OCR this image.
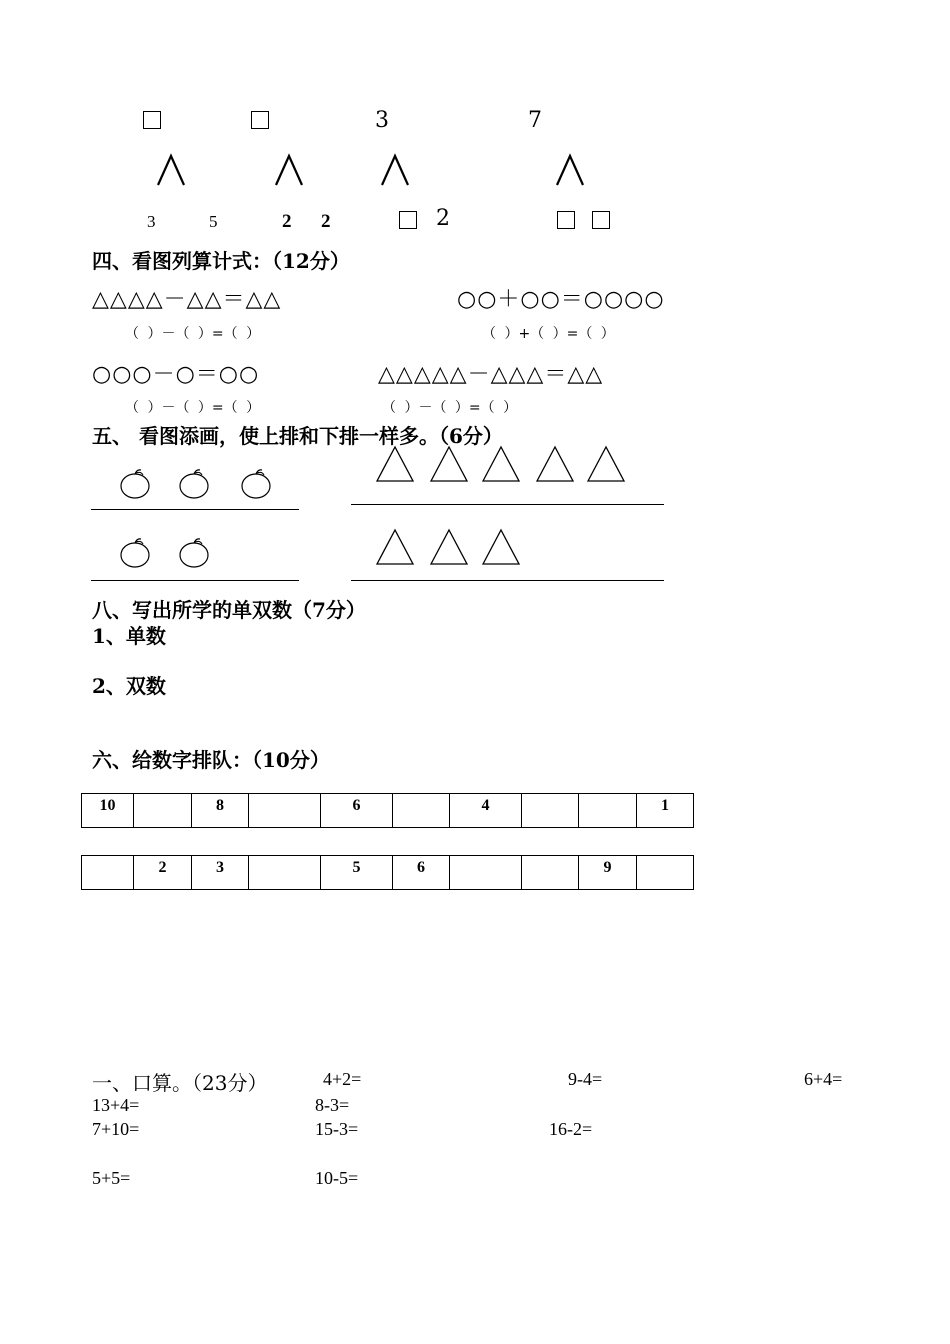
3	7
3	5	2 2	2
四、看图列算计式：（12分）
△△△△－△△＝△△	○○＋○○＝○○○○
（ ）－（ ）=（ ）	（ ）+（ ）=（ ）
○○○－○＝○○	△△△△△－△△△＝△△
（ ）－（ ）=（ ）	（ ）－（ ）=（ ）
五、 看图添画，使上排和下排一样多。（6分）
八、写出所学的单双数（7分）
1、单数
2、双数
六、给数字排队：（10分）
10		8		6		4			1
	2	3		5	6			9	
一、口算。（23分）	4+2=	9-4=	6+4=
13+4=	8-3=
7+10=	15-3=	16-2=
5+5=	10-5=
